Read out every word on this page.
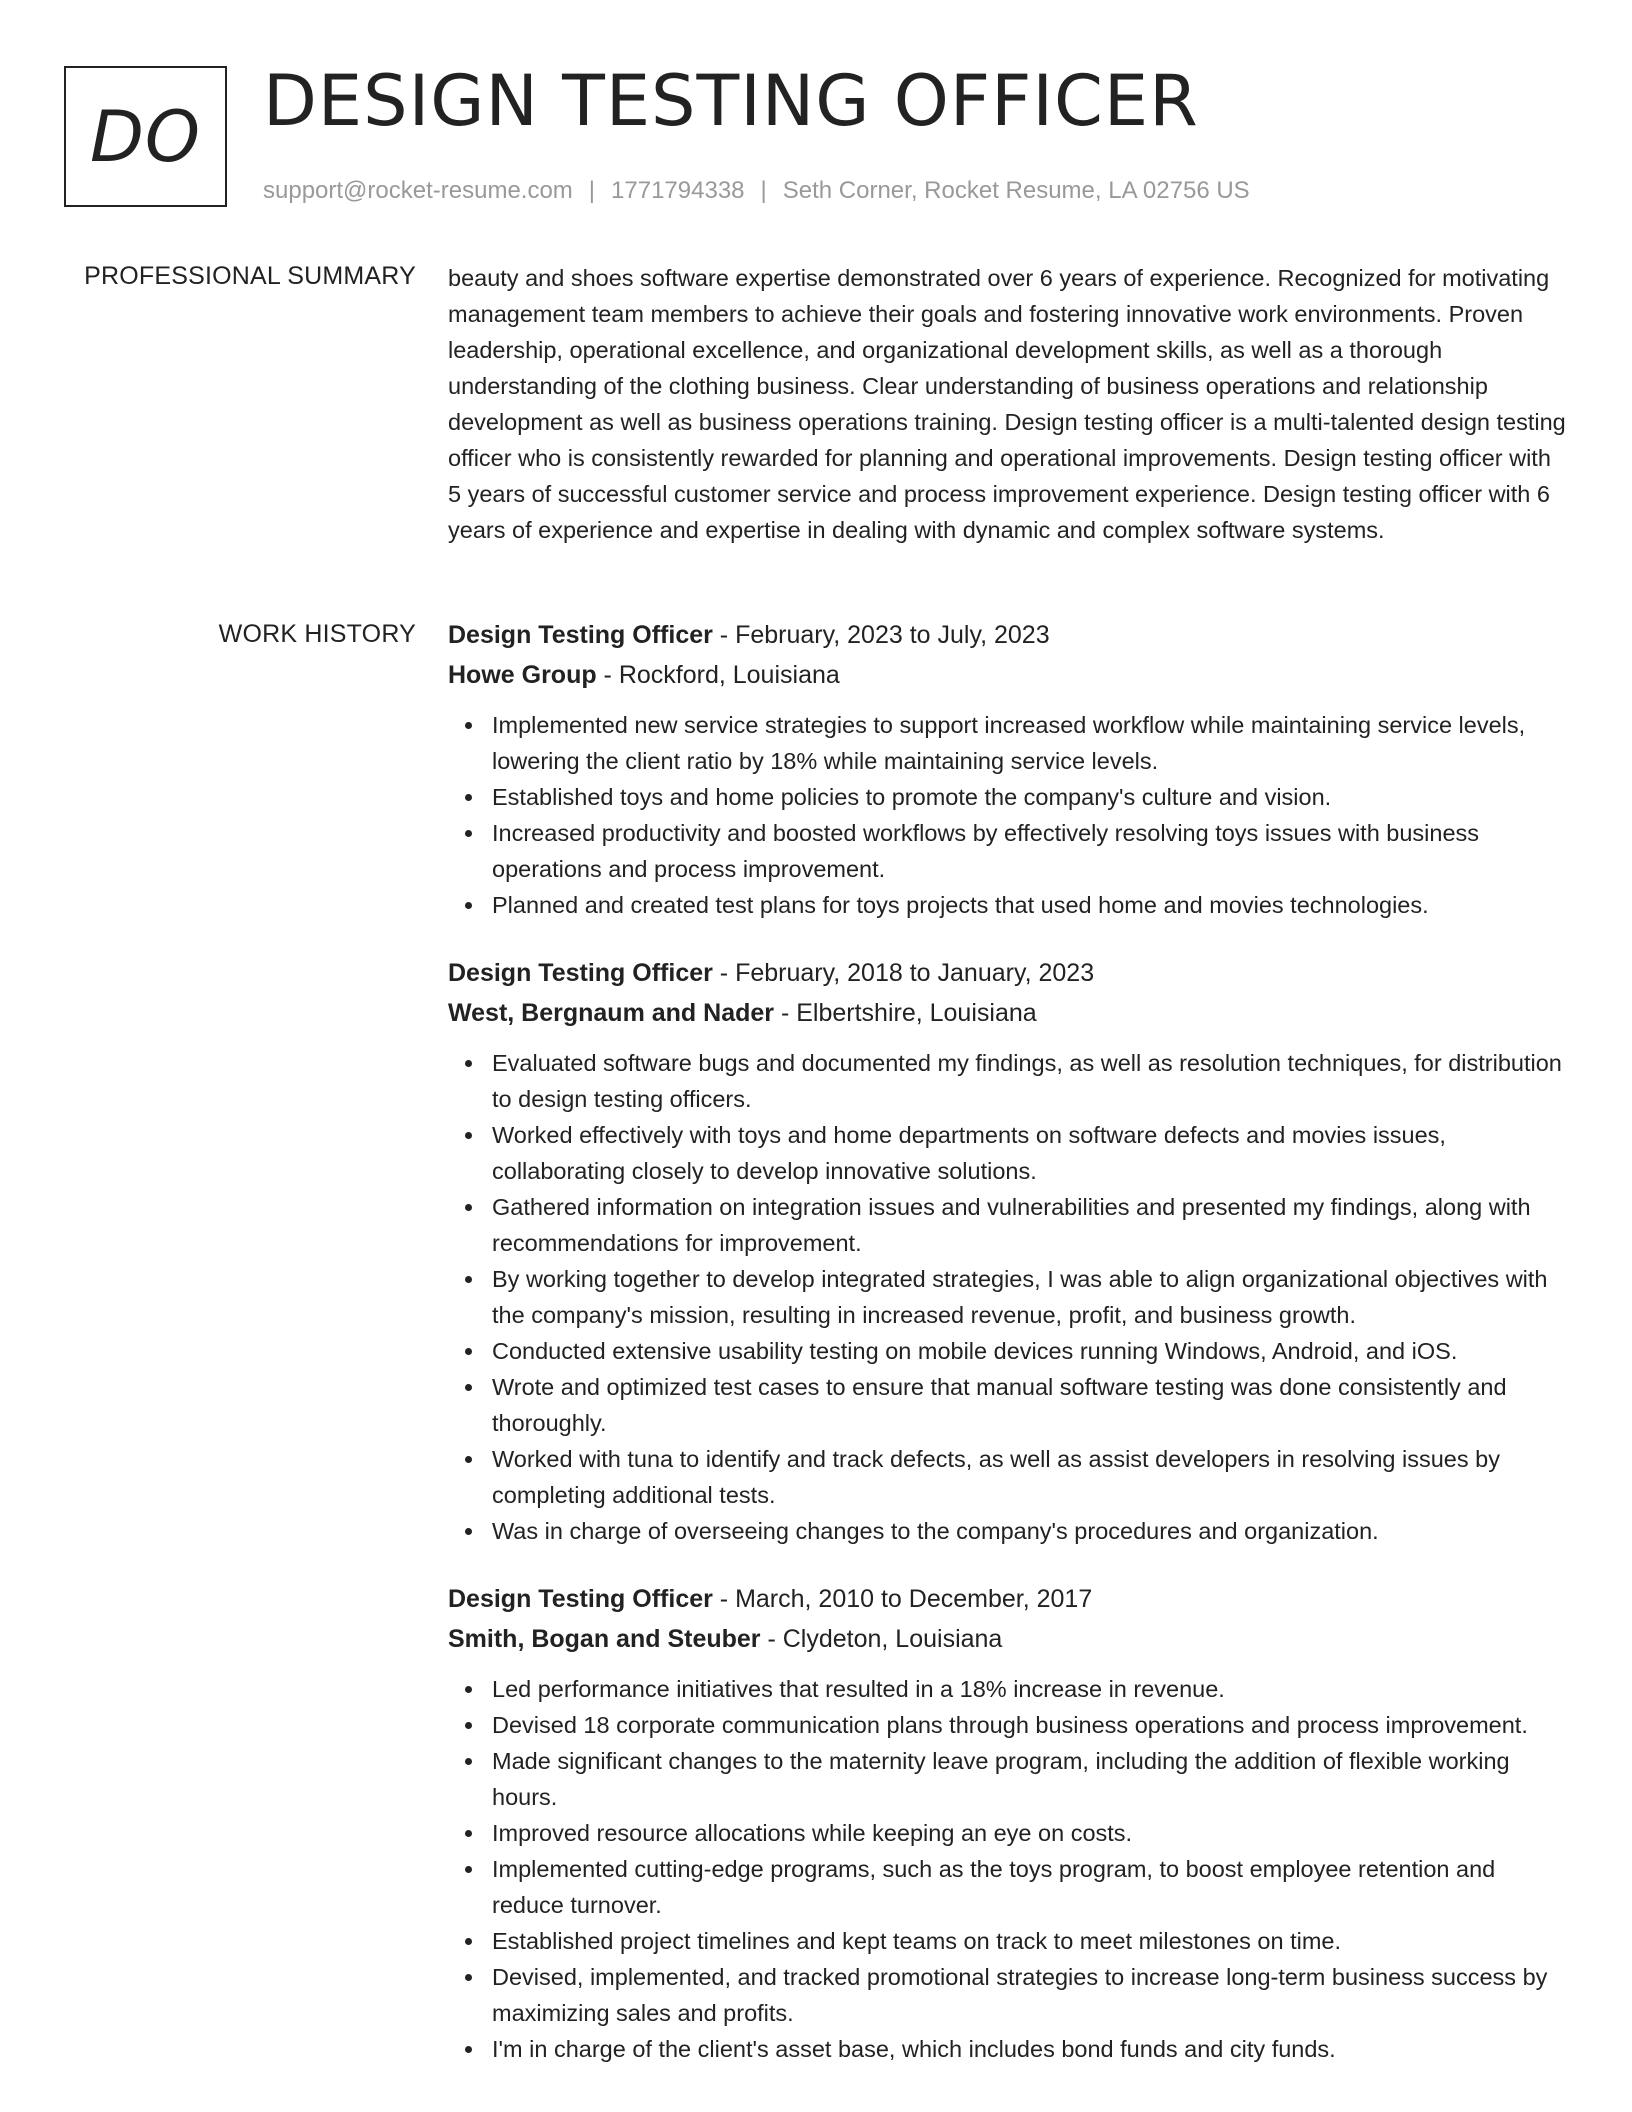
DO DESIGN TESTING OFFICER
support@rocket-resume.com | 1771794338 | Seth Corner, Rocket Resume, LA 02756 US
PROFESSIONAL SUMMARY beauty and shoes software expertise demonstrated over 6 years of experience. Recognized for motivating management team members to achieve their goals and fostering innovative work environments. Proven leadership, operational excellence, and organizational development skills, as well as a thorough understanding of the clothing business. Clear understanding of business operations and relationship development as well as business operations training. Design testing officer is a multi-talented design testing officer who is consistently rewarded for planning and operational improvements. Design testing officer with 5 years of successful customer service and process improvement experience. Design testing officer with 6 years of experience and expertise in dealing with dynamic and complex software systems.

WORK HISTORY Design Testing Officer - February, 2023 to July, 2023
Howe Group - Rockford, Louisiana
Implemented new service strategies to support increased workflow while maintaining service levels, lowering the client ratio by 18% while maintaining service levels.
Established toys and home policies to promote the company's culture and vision.
Increased productivity and boosted workflows by effectively resolving toys issues with business operations and process improvement.
Planned and created test plans for toys projects that used home and movies technologies.
Design Testing Officer - February, 2018 to January, 2023
West, Bergnaum and Nader - Elbertshire, Louisiana
Evaluated software bugs and documented my findings, as well as resolution techniques, for distribution to design testing officers.
Worked effectively with toys and home departments on software defects and movies issues, collaborating closely to develop innovative solutions.
Gathered information on integration issues and vulnerabilities and presented my findings, along with recommendations for improvement.
By working together to develop integrated strategies, I was able to align organizational objectives with the company's mission, resulting in increased revenue, profit, and business growth.
Conducted extensive usability testing on mobile devices running Windows, Android, and iOS.
Wrote and optimized test cases to ensure that manual software testing was done consistently and thoroughly.
Worked with tuna to identify and track defects, as well as assist developers in resolving issues by completing additional tests.
Was in charge of overseeing changes to the company's procedures and organization.
Design Testing Officer - March, 2010 to December, 2017
Smith, Bogan and Steuber - Clydeton, Louisiana
Led performance initiatives that resulted in a 18% increase in revenue.
Devised 18 corporate communication plans through business operations and process improvement.
Made significant changes to the maternity leave program, including the addition of flexible working hours.
Improved resource allocations while keeping an eye on costs.
Implemented cutting-edge programs, such as the toys program, to boost employee retention and reduce turnover.
Established project timelines and kept teams on track to meet milestones on time.
Devised, implemented, and tracked promotional strategies to increase long-term business success by maximizing sales and profits.
I'm in charge of the client's asset base, which includes bond funds and city funds.
